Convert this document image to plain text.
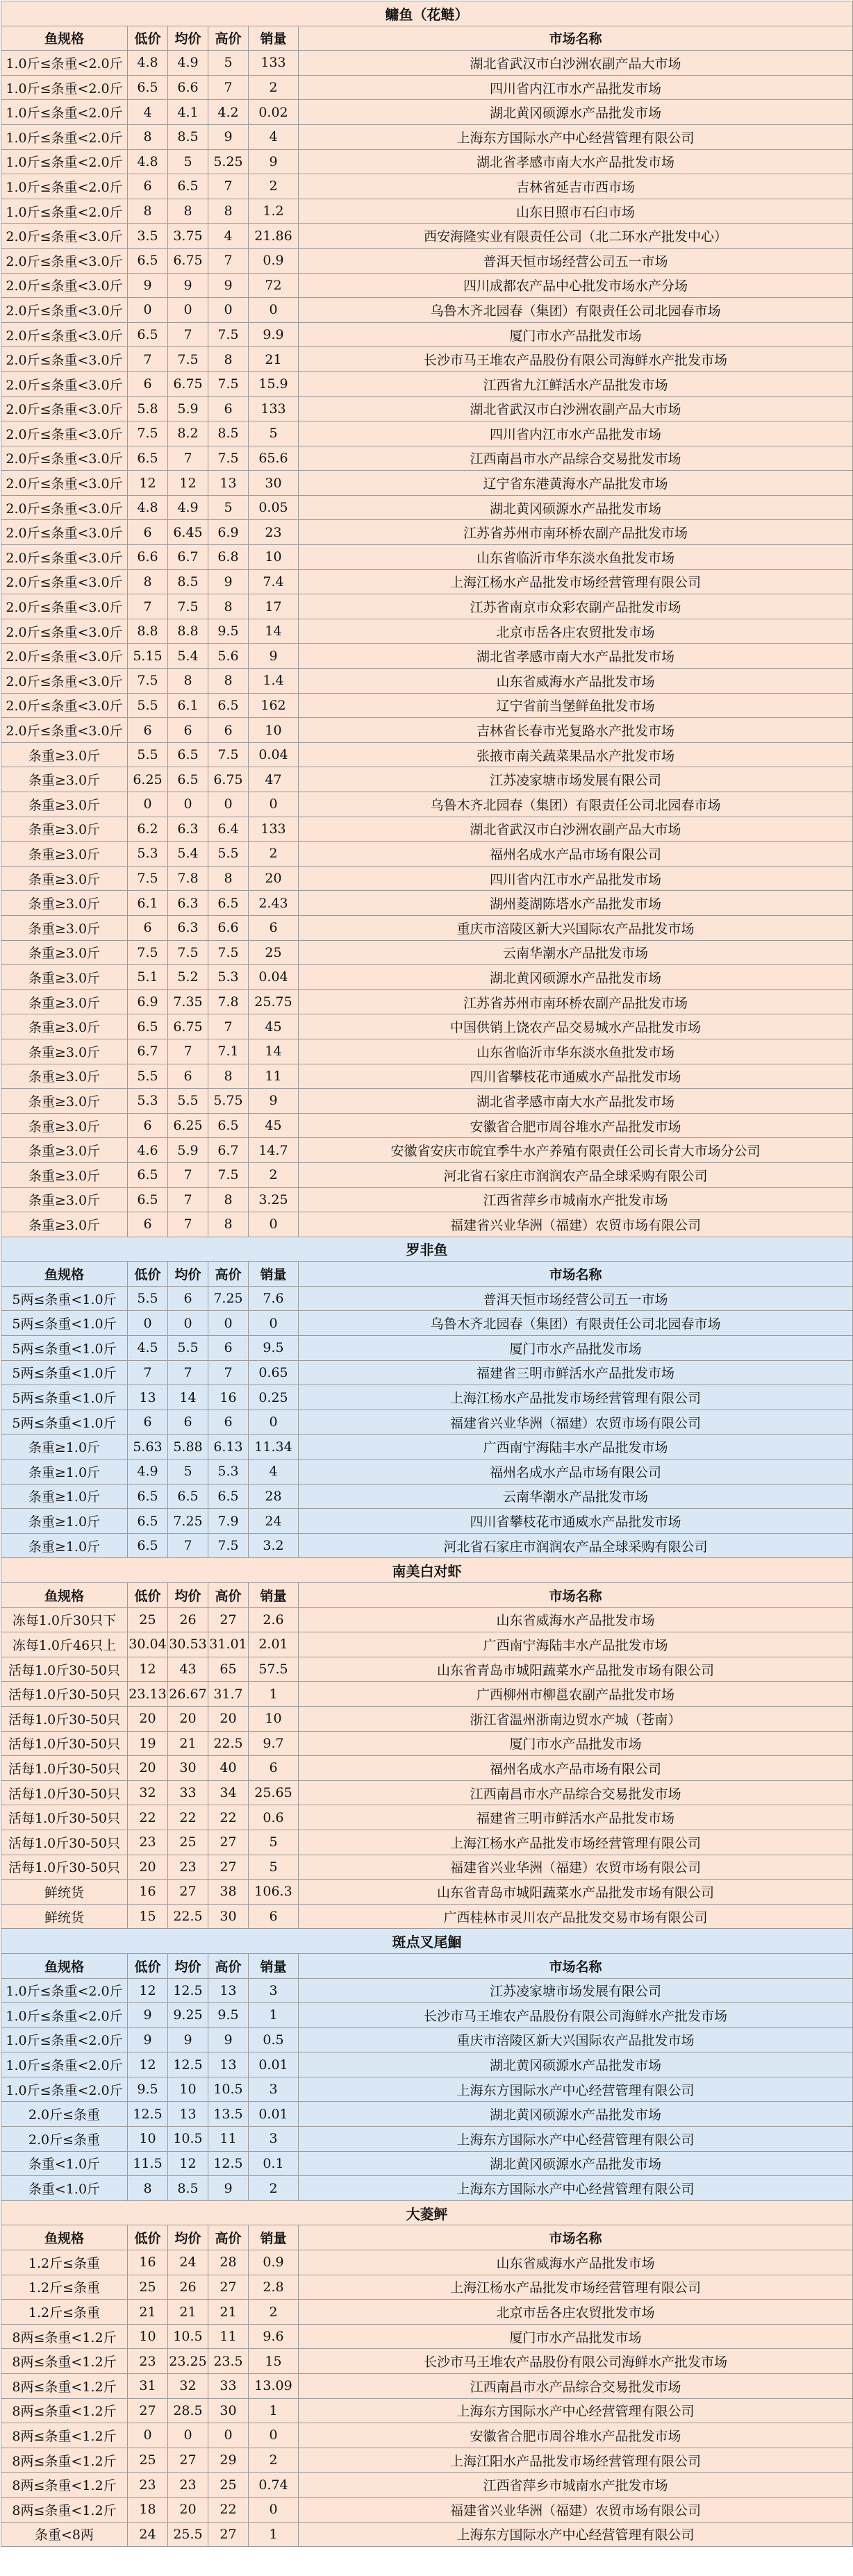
鳙鱼（花鲢）					
鱼规格	低价	均价	高价	销量	市场名称
1.0斤≤条重<2.0斤	4.8	4.9	5	133	湖北省武汉市白沙洲农副产品大市场
1.0斤≤条重<2.0斤	6.5	6.6	7	2	四川省内江市水产品批发市场
1.0斤≤条重<2.0斤	4	4.1	4.2	0.02	湖北黄冈硕源水产品批发市场
1.0斤≤条重<2.0斤	8	8.5	9	4	上海东方国际水产中心经营管理有限公司
1.0斤≤条重<2.0斤	4.8	5	5.25	9	湖北省孝感市南大水产品批发市场
1.0斤≤条重<2.0斤	6	6.5	7	2	吉林省延吉市西市场
1.0斤≤条重<2.0斤	8	8	8	1.2	山东日照市石臼市场
2.0斤≤条重<3.0斤	3.5	3.75	4	21.86	西安海隆实业有限责任公司（北二环水产批发中心）
2.0斤≤条重<3.0斤	6.5	6.75	7	0.9	普洱天恒市场经营公司五一市场
2.0斤≤条重<3.0斤	9	9	9	72	四川成都农产品中心批发市场水产分场
2.0斤≤条重<3.0斤	0	0	0	0	乌鲁木齐北园春（集团）有限责任公司北园春市场
2.0斤≤条重<3.0斤	6.5	7	7.5	9.9	厦门市水产品批发市场
2.0斤≤条重<3.0斤	7	7.5	8	21	长沙市马王堆农产品股份有限公司海鲜水产批发市场
2.0斤≤条重<3.0斤	6	6.75	7.5	15.9	江西省九江鲜活水产品批发市场
2.0斤≤条重<3.0斤	5.8	5.9	6	133	湖北省武汉市白沙洲农副产品大市场
2.0斤≤条重<3.0斤	7.5	8.2	8.5	5	四川省内江市水产品批发市场
2.0斤≤条重<3.0斤	6.5	7	7.5	65.6	江西南昌市水产品综合交易批发市场
2.0斤≤条重<3.0斤	12	12	13	30	辽宁省东港黄海水产品批发市场
2.0斤≤条重<3.0斤	4.8	4.9	5	0.05	湖北黄冈硕源水产品批发市场
2.0斤≤条重<3.0斤	6	6.45	6.9	23	江苏省苏州市南环桥农副产品批发市场
2.0斤≤条重<3.0斤	6.6	6.7	6.8	10	山东省临沂市华东淡水鱼批发市场
2.0斤≤条重<3.0斤	8	8.5	9	7.4	上海江杨水产品批发市场经营管理有限公司
2.0斤≤条重<3.0斤	7	7.5	8	17	江苏省南京市众彩农副产品批发市场
2.0斤≤条重<3.0斤	8.8	8.8	9.5	14	北京市岳各庄农贸批发市场
2.0斤≤条重<3.0斤	5.15	5.4	5.6	9	湖北省孝感市南大水产品批发市场
2.0斤≤条重<3.0斤	7.5	8	8	1.4	山东省威海水产品批发市场
2.0斤≤条重<3.0斤	5.5	6.1	6.5	162	辽宁省前当堡鲜鱼批发市场
2.0斤≤条重<3.0斤	6	6	6	10	吉林省长春市光复路水产批发市场
条重≥3.0斤	5.5	6.5	7.5	0.04	张掖市南关蔬菜果品水产批发市场
条重≥3.0斤	6.25	6.5	6.75	47	江苏凌家塘市场发展有限公司
条重≥3.0斤	0	0	0	0	乌鲁木齐北园春（集团）有限责任公司北园春市场
条重≥3.0斤	6.2	6.3	6.4	133	湖北省武汉市白沙洲农副产品大市场
条重≥3.0斤	5.3	5.4	5.5	2	福州名成水产品市场有限公司
条重≥3.0斤	7.5	7.8	8	20	四川省内江市水产品批发市场
条重≥3.0斤	6.1	6.3	6.5	2.43	湖州菱湖陈塔水产品批发市场
条重≥3.0斤	6	6.3	6.6	6	重庆市涪陵区新大兴国际农产品批发市场
条重≥3.0斤	7.5	7.5	7.5	25	云南华潮水产品批发市场
条重≥3.0斤	5.1	5.2	5.3	0.04	湖北黄冈硕源水产品批发市场
条重≥3.0斤	6.9	7.35	7.8	25.75	江苏省苏州市南环桥农副产品批发市场
条重≥3.0斤	6.5	6.75	7	45	中国供销上饶农产品交易城水产品批发市场
条重≥3.0斤	6.7	7	7.1	14	山东省临沂市华东淡水鱼批发市场
条重≥3.0斤	5.5	6	8	11	四川省攀枝花市通威水产品批发市场
条重≥3.0斤	5.3	5.5	5.75	9	湖北省孝感市南大水产品批发市场
条重≥3.0斤	6	6.25	6.5	45	安徽省合肥市周谷堆水产品批发市场
条重≥3.0斤	4.6	5.9	6.7	14.7	安徽省安庆市皖宜季牛水产养殖有限责任公司长青大市场分公司
条重≥3.0斤	6.5	7	7.5	2	河北省石家庄市润润农产品全球采购有限公司
条重≥3.0斤	6.5	7	8	3.25	江西省萍乡市城南水产批发市场
条重≥3.0斤	6	7	8	0	福建省兴业华洲（福建）农贸市场有限公司
罗非鱼					
鱼规格	低价	均价	高价	销量	市场名称
5两≤条重<1.0斤	5.5	6	7.25	7.6	普洱天恒市场经营公司五一市场
5两≤条重<1.0斤	0	0	0	0	乌鲁木齐北园春（集团）有限责任公司北园春市场
5两≤条重<1.0斤	4.5	5.5	6	9.5	厦门市水产品批发市场
5两≤条重<1.0斤	7	7	7	0.65	福建省三明市鲜活水产品批发市场
5两≤条重<1.0斤	13	14	16	0.25	上海江杨水产品批发市场经营管理有限公司
5两≤条重<1.0斤	6	6	6	0	福建省兴业华洲（福建）农贸市场有限公司
条重≥1.0斤	5.63	5.88	6.13	11.34	广西南宁海陆丰水产品批发市场
条重≥1.0斤	4.9	5	5.3	4	福州名成水产品市场有限公司
条重≥1.0斤	6.5	6.5	6.5	28	云南华潮水产品批发市场
条重≥1.0斤	6.5	7.25	7.9	24	四川省攀枝花市通威水产品批发市场
条重≥1.0斤	6.5	7	7.5	3.2	河北省石家庄市润润农产品全球采购有限公司
南美白对虾					
鱼规格	低价	均价	高价	销量	市场名称
冻每1.0斤30只下	25	26	27	2.6	山东省威海水产品批发市场
冻每1.0斤46只上	30.04	30.53	31.01	2.01	广西南宁海陆丰水产品批发市场
活每1.0斤30-50只	12	43	65	57.5	山东省青岛市城阳蔬菜水产品批发市场有限公司
活每1.0斤30-50只	23.13	26.67	31.7	1	广西柳州市柳邕农副产品批发市场
活每1.0斤30-50只	20	20	20	10	浙江省温州浙南边贸水产城（苍南）
活每1.0斤30-50只	19	21	22.5	9.7	厦门市水产品批发市场
活每1.0斤30-50只	20	30	40	6	福州名成水产品市场有限公司
活每1.0斤30-50只	32	33	34	25.65	江西南昌市水产品综合交易批发市场
活每1.0斤30-50只	22	22	22	0.6	福建省三明市鲜活水产品批发市场
活每1.0斤30-50只	23	25	27	5	上海江杨水产品批发市场经营管理有限公司
活每1.0斤30-50只	20	23	27	5	福建省兴业华洲（福建）农贸市场有限公司
鲜统货	16	27	38	106.3	山东省青岛市城阳蔬菜水产品批发市场有限公司
鲜统货	15	22.5	30	6	广西桂林市灵川农产品批发交易市场有限公司
斑点叉尾鮰					
鱼规格	低价	均价	高价	销量	市场名称
1.0斤≤条重<2.0斤	12	12.5	13	3	江苏凌家塘市场发展有限公司
1.0斤≤条重<2.0斤	9	9.25	9.5	1	长沙市马王堆农产品股份有限公司海鲜水产批发市场
1.0斤≤条重<2.0斤	9	9	9	0.5	重庆市涪陵区新大兴国际农产品批发市场
1.0斤≤条重<2.0斤	12	12.5	13	0.01	湖北黄冈硕源水产品批发市场
1.0斤≤条重<2.0斤	9.5	10	10.5	3	上海东方国际水产中心经营管理有限公司
2.0斤≤条重	12.5	13	13.5	0.01	湖北黄冈硕源水产品批发市场
2.0斤≤条重	10	10.5	11	3	上海东方国际水产中心经营管理有限公司
条重<1.0斤	11.5	12	12.5	0.1	湖北黄冈硕源水产品批发市场
条重<1.0斤	8	8.5	9	2	上海东方国际水产中心经营管理有限公司
大菱鲆					
鱼规格	低价	均价	高价	销量	市场名称
1.2斤≤条重	16	24	28	0.9	山东省威海水产品批发市场
1.2斤≤条重	25	26	27	2.8	上海江杨水产品批发市场经营管理有限公司
1.2斤≤条重	21	21	21	2	北京市岳各庄农贸批发市场
8两≤条重<1.2斤	10	10.5	11	9.6	厦门市水产品批发市场
8两≤条重<1.2斤	23	23.25	23.5	15	长沙市马王堆农产品股份有限公司海鲜水产批发市场
8两≤条重<1.2斤	31	32	33	13.09	江西南昌市水产品综合交易批发市场
8两≤条重<1.2斤	27	28.5	30	1	上海东方国际水产中心经营管理有限公司
8两≤条重<1.2斤	0	0	0	0	安徽省合肥市周谷堆水产品批发市场
8两≤条重<1.2斤	25	27	29	2	上海江阳水产品批发市场经营管理有限公司
8两≤条重<1.2斤	23	23	25	0.74	江西省萍乡市城南水产批发市场
8两≤条重<1.2斤	18	20	22	0	福建省兴业华洲（福建）农贸市场有限公司
条重<8两	24	25.5	27	1	上海东方国际水产中心经营管理有限公司
